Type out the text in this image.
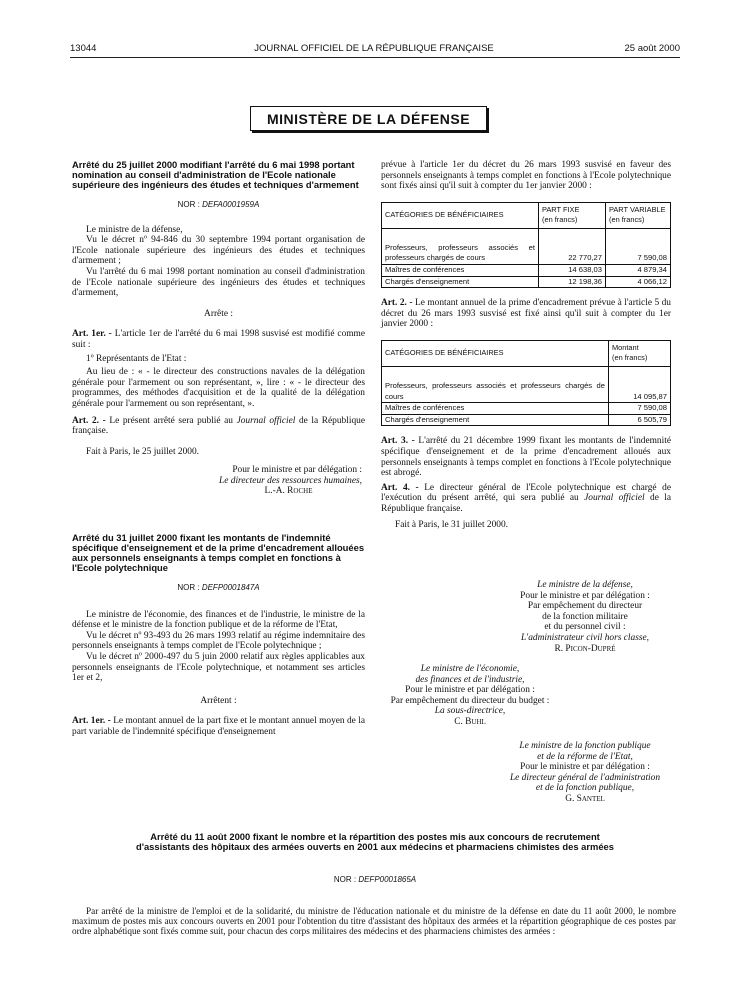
13044	JOURNAL OFFICIEL DE LA RÉPUBLIQUE FRANÇAISE	25 août 2000
MINISTÈRE DE LA DÉFENSE

Arrêté du 25 juillet 2000 modifiant l'arrêté du 6 mai 1998 portant nomination au conseil d'administration de l'Ecole nationale supérieure des ingénieurs des études et techniques d'armement

NOR : DEFA0001959A

Le ministre de la défense,

Vu le décret nº 94-846 du 30 septembre 1994 portant organisation de l'Ecole nationale supérieure des ingénieurs des études et techniques d'armement ;

Vu l'arrêté du 6 mai 1998 portant nomination au conseil d'administration de l'Ecole nationale supérieure des ingénieurs des études et techniques d'armement,

Arrête :

Art. 1er. - L'article 1er de l'arrêté du 6 mai 1998 susvisé est modifié comme suit :

1º Représentants de l'Etat :

Au lieu de : « - le directeur des constructions navales de la délégation générale pour l'armement ou son représentant, », lire : « - le directeur des programmes, des méthodes d'acquisition et de la qualité de la délégation générale pour l'armement ou son représentant, ».

Art. 2. - Le présent arrêté sera publié au Journal officiel de la République française.

Fait à Paris, le 25 juillet 2000.

Pour le ministre et par délégation :

Le directeur des ressources humaines,

L.-A. Roche

Arrêté du 31 juillet 2000 fixant les montants de l'indemnité spécifique d'enseignement et de la prime d'encadrement allouées aux personnels enseignants à temps complet en fonctions à l'Ecole polytechnique

NOR : DEFP0001847A

Le ministre de l'économie, des finances et de l'industrie, le ministre de la défense et le ministre de la fonction publique et de la réforme de l'Etat,

Vu le décret nº 93-493 du 26 mars 1993 relatif au régime indemnitaire des personnels enseignants à temps complet de l'Ecole polytechnique ;

Vu le décret nº 2000-497 du 5 juin 2000 relatif aux règles applicables aux personnels enseignants de l'Ecole polytechnique, et notamment ses articles 1er et 2,

Arrêtent :

Art. 1er. - Le montant annuel de la part fixe et le montant annuel moyen de la part variable de l'indemnité spécifique d'enseignement

prévue à l'article 1er du décret du 26 mars 1993 susvisé en faveur des personnels enseignants à temps complet en fonctions à l'Ecole polytechnique sont fixés ainsi qu'il suit à compter du 1er janvier 2000 :

CATÉGORIES DE BÉNÉFICIAIRES	PART FIXE
(en francs)	PART VARIABLE
(en francs)
Professeurs, professeurs associés et professeurs chargés de cours	22 770,27	7 590,08
Maîtres de conférences	14 638,03	4 879,34
Chargés d'enseignement	12 198,36	4 066,12

Art. 2. - Le montant annuel de la prime d'encadrement prévue à l'article 5 du décret du 26 mars 1993 susvisé est fixé ainsi qu'il suit à compter du 1er janvier 2000 :

CATÉGORIES DE BÉNÉFICIAIRES	Montant
(en francs)
Professeurs, professeurs associés et professeurs chargés de cours	14 095,87
Maîtres de conférences	7 590,08
Chargés d'enseignement	6 505,79

Art. 3. - L'arrêté du 21 décembre 1999 fixant les montants de l'indemnité spécifique d'enseignement et de la prime d'encadrement alloués aux personnels enseignants à temps complet en fonctions à l'Ecole polytechnique est abrogé.

Art. 4. - Le directeur général de l'Ecole polytechnique est chargé de l'exécution du présent arrêté, qui sera publié au Journal officiel de la République française.

Fait à Paris, le 31 juillet 2000.

Le ministre de la défense,
Pour le ministre et par délégation :
Par empêchement du directeur
de la fonction militaire
et du personnel civil :
L'administrateur civil hors classe,
R. Picon-Dupré
Le ministre de l'économie,
des finances et de l'industrie,
Pour le ministre et par délégation :
Par empêchement du directeur du budget :
La sous-directrice,
C. Buhl
Le ministre de la fonction publique
et de la réforme de l'Etat,
Pour le ministre et par délégation :
Le directeur général de l'administration
et de la fonction publique,
G. Santel
Arrêté du 11 août 2000 fixant le nombre et la répartition des postes mis aux concours de recrutement
d'assistants des hôpitaux des armées ouverts en 2001 aux médecins et pharmaciens chimistes des armées
NOR : DEFP0001865A
Par arrêté de la ministre de l'emploi et de la solidarité, du ministre de l'éducation nationale et du ministre de la défense en date du 11 août 2000, le nombre maximum de postes mis aux concours ouverts en 2001 pour l'obtention du titre d'assistant des hôpitaux des armées et la répartition géographique de ces postes par ordre alphabétique sont fixés comme suit, pour chacun des corps militaires des médecins et des pharmaciens chimistes des armées :
